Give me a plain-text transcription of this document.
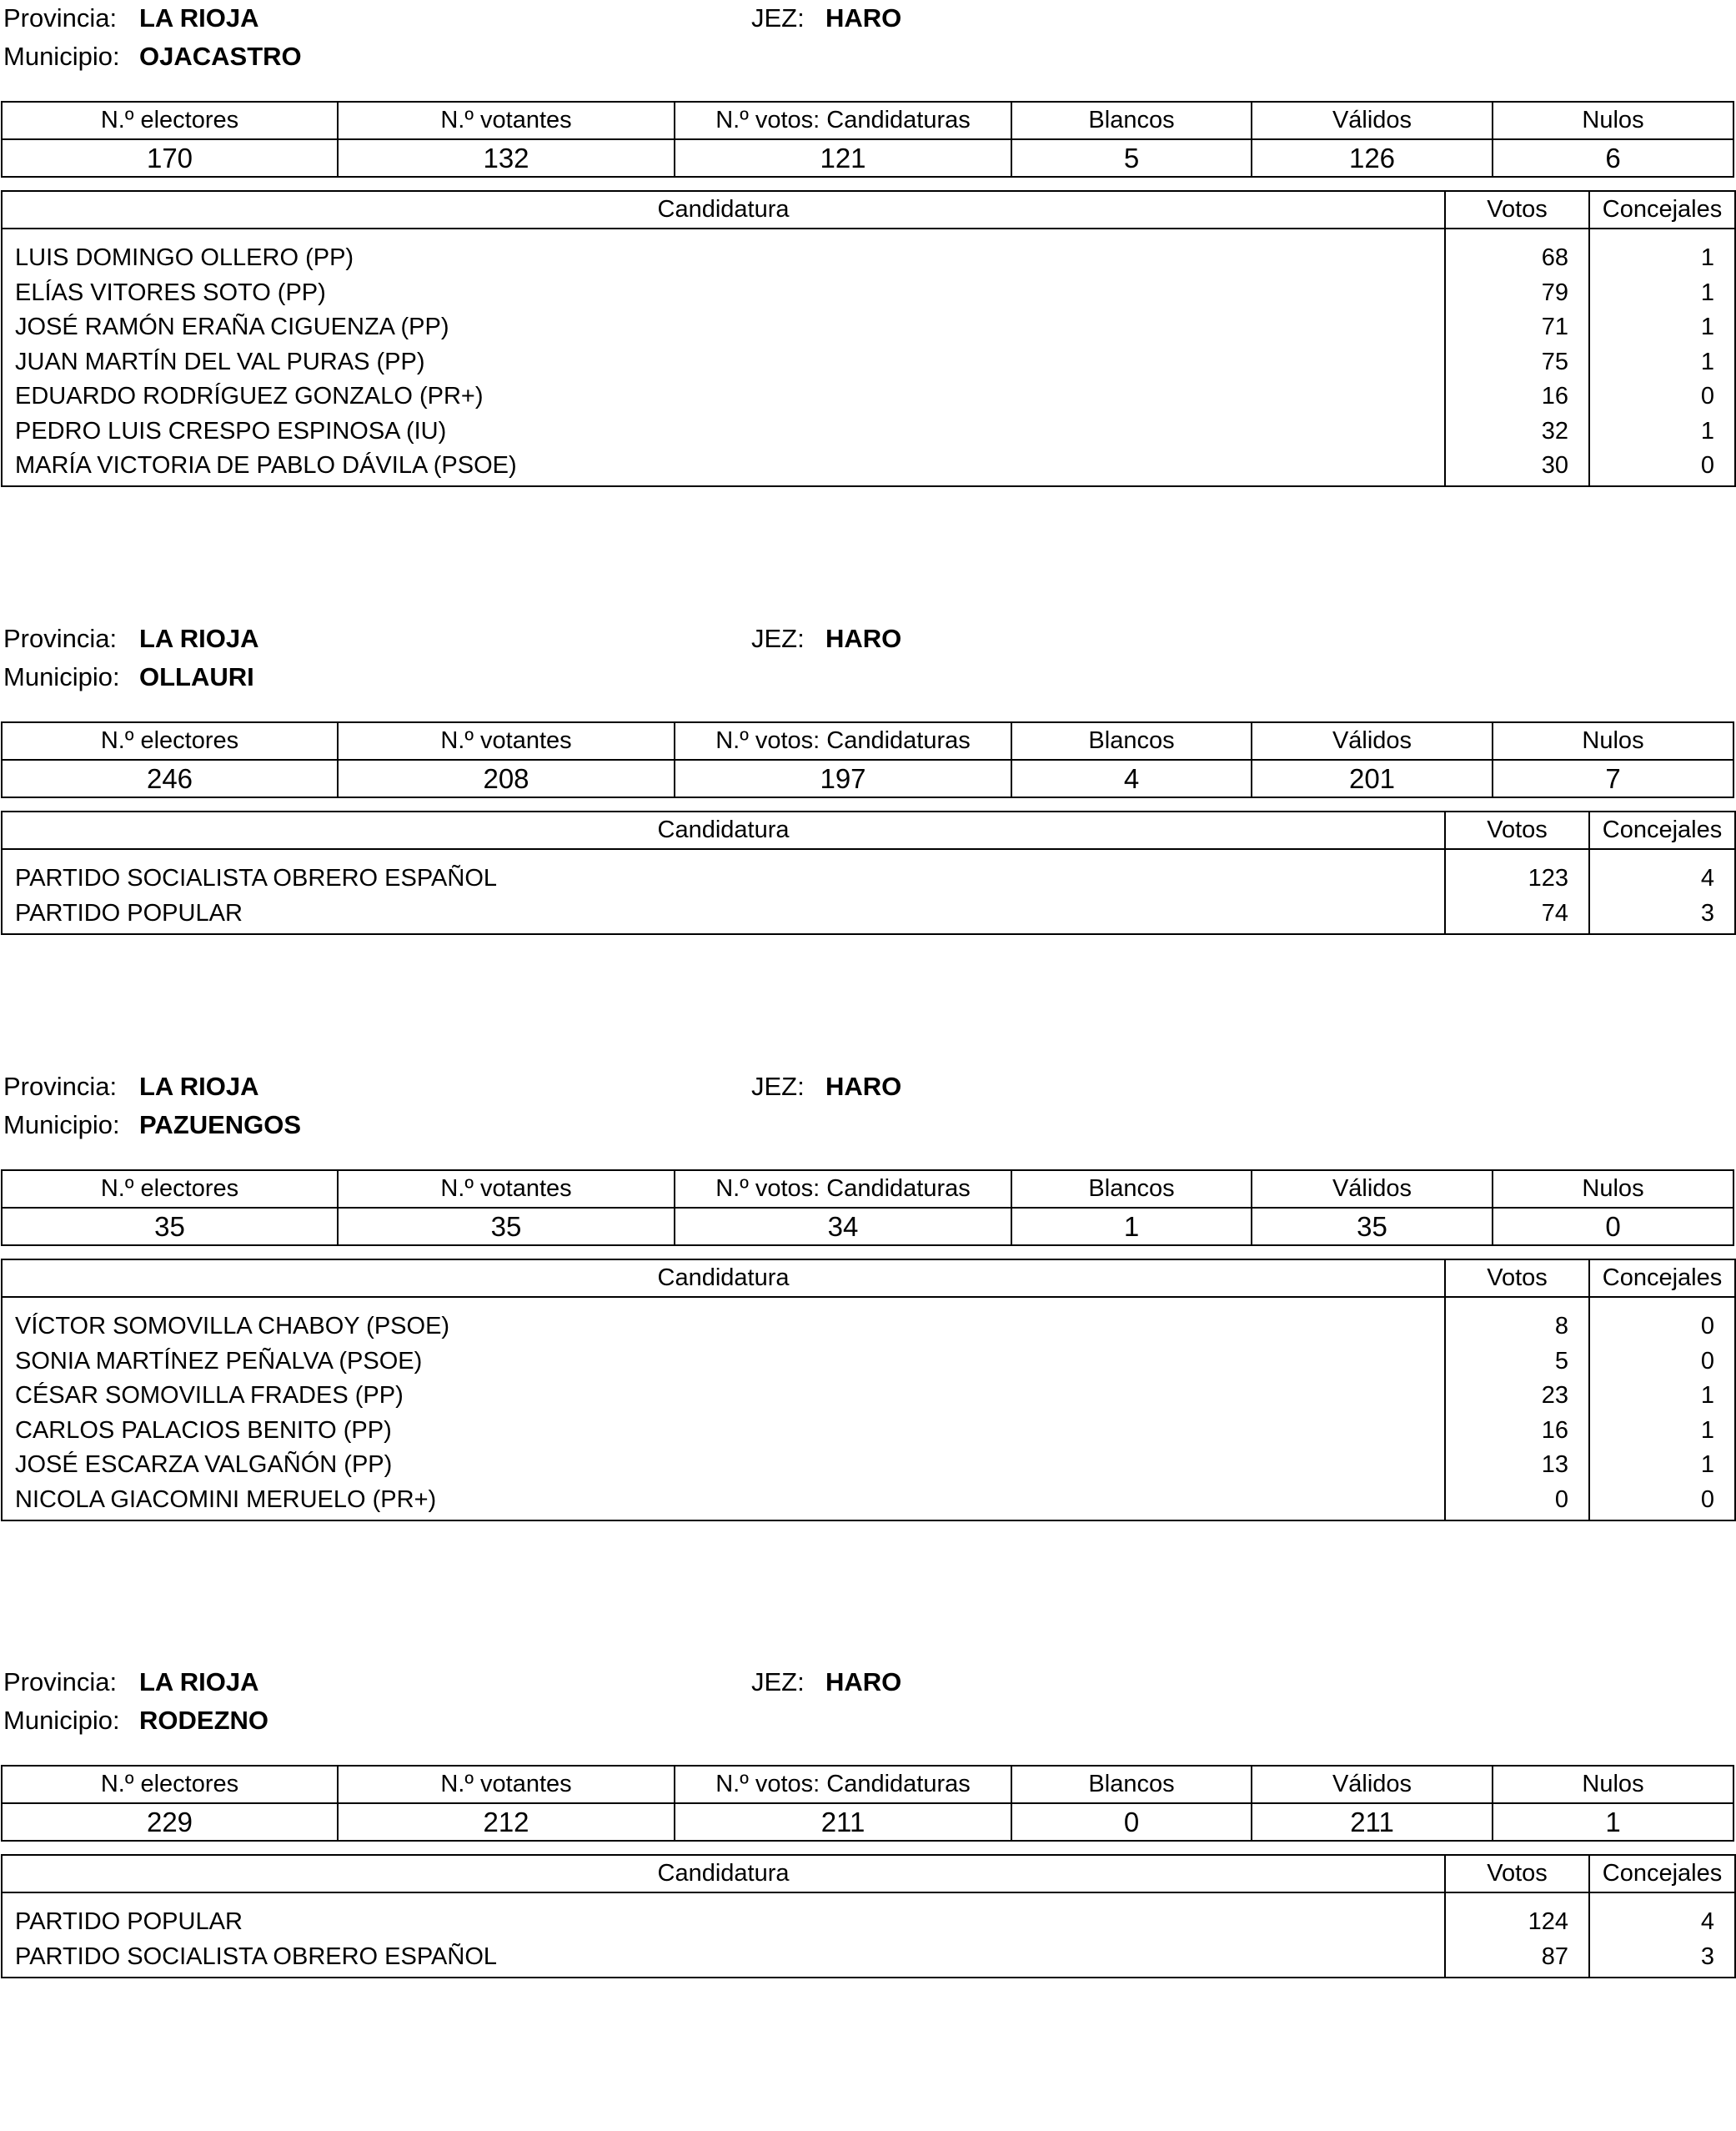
Provincia: LA RIOJA	JEZ: HARO
Municipio: OJACASTRO
N.º electores	N.º votantes	N.º votos: Candidaturas	Blancos	Válidos	Nulos
170	132	121	5	126	6
Candidatura	Votos	Concejales

LUIS DOMINGO OLLERO (PP)	68	1
ELÍAS VITORES SOTO (PP)	79	1
JOSÉ RAMÓN ERAÑA CIGUENZA (PP)	71	1
JUAN MARTÍN DEL VAL PURAS (PP)	75	1
EDUARDO RODRÍGUEZ GONZALO (PR+)	16	0
PEDRO LUIS CRESPO ESPINOSA (IU)	32	1
MARÍA VICTORIA DE PABLO DÁVILA (PSOE)	30	0
Provincia: LA RIOJA	JEZ: HARO
Municipio: OLLAURI
N.º electores	N.º votantes	N.º votos: Candidaturas	Blancos	Válidos	Nulos
246	208	197	4	201	7
Candidatura	Votos	Concejales

PARTIDO SOCIALISTA OBRERO ESPAÑOL	123	4
PARTIDO POPULAR	74	3
Provincia: LA RIOJA	JEZ: HARO
Municipio: PAZUENGOS
N.º electores	N.º votantes	N.º votos: Candidaturas	Blancos	Válidos	Nulos
35	35	34	1	35	0
Candidatura	Votos	Concejales

VÍCTOR SOMOVILLA CHABOY (PSOE)	8	0
SONIA MARTÍNEZ PEÑALVA (PSOE)	5	0
CÉSAR SOMOVILLA FRADES (PP)	23	1
CARLOS PALACIOS BENITO (PP)	16	1
JOSÉ ESCARZA VALGAÑÓN (PP)	13	1
NICOLA GIACOMINI MERUELO (PR+)	0	0
Provincia: LA RIOJA	JEZ: HARO
Municipio: RODEZNO
N.º electores	N.º votantes	N.º votos: Candidaturas	Blancos	Válidos	Nulos
229	212	211	0	211	1
Candidatura	Votos	Concejales

PARTIDO POPULAR	124	4
PARTIDO SOCIALISTA OBRERO ESPAÑOL	87	3
